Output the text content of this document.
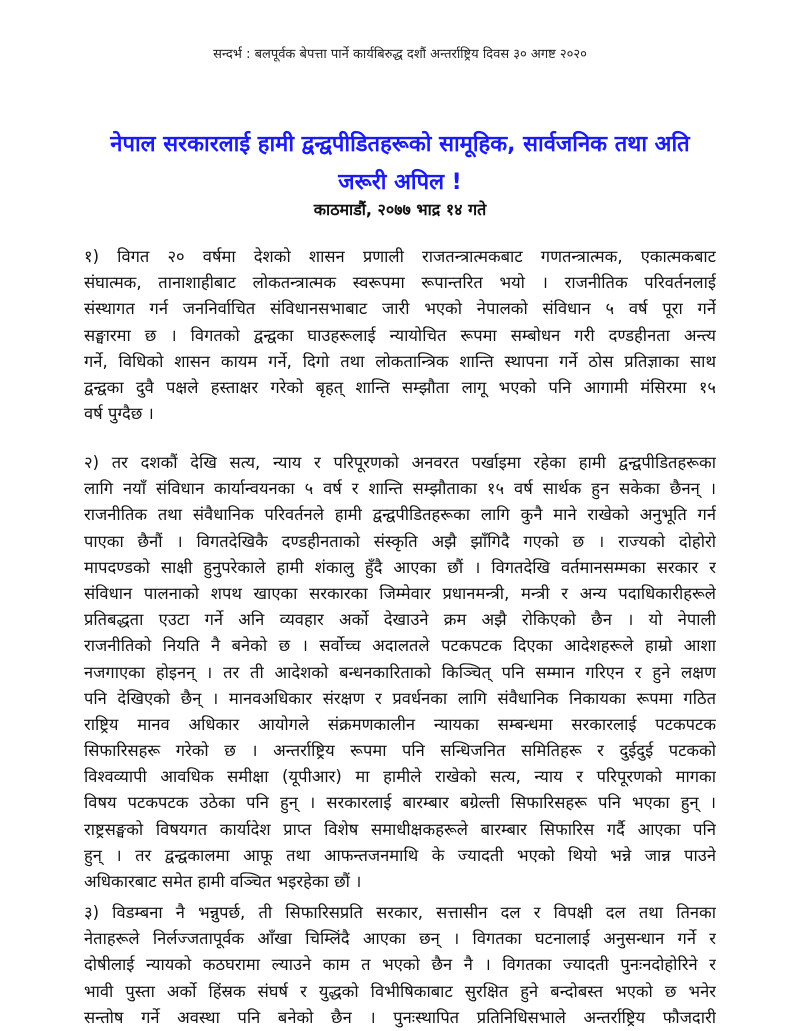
सन्दर्भ : बलपूर्वक बेपत्ता पार्ने कार्यबिरुद्ध दशौं अन्तर्राष्ट्रिय दिवस ३० अगष्ट २०२०
नेपाल सरकारलाई हामी द्वन्द्वपीडितहरूको सामूहिक, सार्वजनिक तथा अति
जरूरी अपिल !
काठमाडौं, २०७७ भाद्र १४ गते
१) विगत २० वर्षमा देशको शासन प्रणाली राजतन्त्रात्मकबाट गणतन्त्रात्मक, एकात्मकबाट
संघात्मक, तानाशाहीबाट लोकतन्त्रात्मक स्वरूपमा रूपान्तरित भयो । राजनीतिक परिवर्तनलाई
संस्थागत गर्न जननिर्वाचित संविधानसभाबाट जारी भएको नेपालको संविधान ५ वर्ष पूरा गर्ने
सङ्घारमा छ । विगतको द्वन्द्वका घाउहरूलाई न्यायोचित रूपमा सम्बोधन गरी दण्डहीनता अन्त्य
गर्ने, विधिको शासन कायम गर्ने, दिगो तथा लोकतान्त्रिक शान्ति स्थापना गर्ने ठोस प्रतिज्ञाका साथ
द्वन्द्वका दुवै पक्षले हस्ताक्षर गरेको बृहत् शान्ति सम्झौता लागू भएको पनि आगामी मंसिरमा १५
वर्ष पुग्दैछ ।
२) तर दशकौं देखि सत्य, न्याय र परिपूरणको अनवरत पर्खाइमा रहेका हामी द्वन्द्वपीडितहरूका
लागि नयाँ संविधान कार्यान्वयनका ५ वर्ष र शान्ति सम्झौताका १५ वर्ष सार्थक हुन सकेका छैनन् ।
राजनीतिक तथा संवैधानिक परिवर्तनले हामी द्वन्द्वपीडितहरूका लागि कुनै माने राखेको अनुभूति गर्न
पाएका छैनौं । विगतदेखिकै दण्डहीनताको संस्कृति अझै झाँगिदै गएको छ । राज्यको दोहोरो
मापदण्डको साक्षी हुनुपरेकाले हामी शंकालु हुँदै आएका छौं । विगतदेखि वर्तमानसम्मका सरकार र
संविधान पालनाको शपथ खाएका सरकारका जिम्मेवार प्रधानमन्त्री, मन्त्री र अन्य पदाधिकारीहरूले
प्रतिबद्धता एउटा गर्ने अनि व्यवहार अर्को देखाउने क्रम अझै रोकिएको छैन । यो नेपाली
राजनीतिको नियति नै बनेको छ । सर्वोच्च अदालतले पटकपटक दिएका आदेशहरूले हाम्रो आशा
नजगाएका होइनन् । तर ती आदेशको बन्धनकारिताको किञ्चित् पनि सम्मान गरिएन र हुने लक्षण
पनि देखिएको छैन् । मानवअधिकार संरक्षण र प्रवर्धनका लागि संवैधानिक निकायका रूपमा गठित
राष्ट्रिय मानव अधिकार आयोगले संक्रमणकालीन न्यायका सम्बन्धमा सरकारलाई पटकपटक
सिफारिसहरू गरेको छ । अन्तर्राष्ट्रिय रूपमा पनि सन्धिजनित समितिहरू र दुईदुई पटकको
विश्वव्यापी आवधिक समीक्षा (यूपीआर) मा हामीले राखेको सत्य, न्याय र परिपूरणको मागका
विषय पटकपटक उठेका पनि हुन् । सरकारलाई बारम्बार बग्रेल्ती सिफारिसहरू पनि भएका हुन् ।
राष्ट्रसङ्घको विषयगत कार्यादेश प्राप्त विशेष समाधीक्षकहरूले बारम्बार सिफारिस गर्दै आएका पनि
हुन् । तर द्वन्द्वकालमा आफू तथा आफन्तजनमाथि के ज्यादती भएको थियो भन्ने जान्न पाउने
अधिकारबाट समेत हामी वञ्चित भइरहेका छौं ।
३) विडम्बना नै भन्नुपर्छ, ती सिफारिसप्रति सरकार, सत्तासीन दल र विपक्षी दल तथा तिनका
नेताहरूले निर्लज्जतापूर्वक आँखा चिम्लिंदै आएका छन् । विगतका घटनालाई अनुसन्धान गर्ने र
दोषीलाई न्यायको कठघरामा ल्याउने काम त भएको छैन नै । विगतका ज्यादती पुनःनदोहोरिने र
भावी पुस्ता अर्को हिंस्रक संघर्ष र युद्धको विभीषिकाबाट सुरक्षित हुने बन्दोबस्त भएको छ भनेर
सन्तोष गर्ने अवस्था पनि बनेको छैन । पुनःस्थापित प्रतिनिधिसभाले अन्तर्राष्ट्रिय फौजदारी
